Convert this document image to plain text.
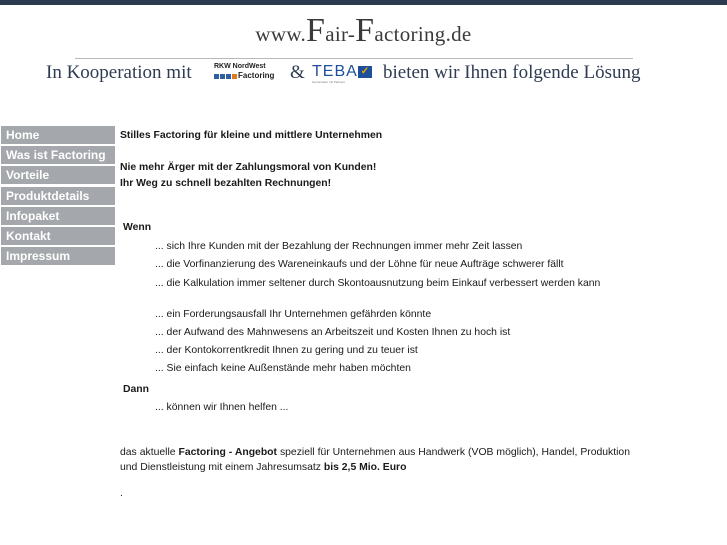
www.Fair-Factoring.de
In Kooperation mit	RKW NordWest
Factoring & TEBA ✓
Gemeinsam mit Partnern bieten wir Ihnen folgende Lösung
Home
Was ist Factoring
Vorteile
Produktdetails
Infopaket
Kontakt
Impressum

Stilles Factoring für kleine und mittlere Unternehmen

Nie mehr Ärger mit der Zahlungsmoral von Kunden!

Ihr Weg zu schnell bezahlten Rechnungen!

Wenn

... sich Ihre Kunden mit der Bezahlung der Rechnungen immer mehr Zeit lassen

... die Vorfinanzierung des Wareneinkaufs und der Löhne für neue Aufträge schwerer fällt

... die Kalkulation immer seltener durch Skontoausnutzung beim Einkauf verbessert werden kann

... ein Forderungsausfall Ihr Unternehmen gefährden könnte

... der Aufwand des Mahnwesens an Arbeitszeit und Kosten Ihnen zu hoch ist

... der Kontokorrentkredit Ihnen zu gering und zu teuer ist

... Sie einfach keine Außenstände mehr haben möchten

Dann

... können wir Ihnen helfen ...

das aktuelle Factoring - Angebot speziell für Unternehmen aus Handwerk (VOB möglich), Handel, Produktion und Dienstleistung mit einem Jahresumsatz bis 2,5 Mio. Euro

.
